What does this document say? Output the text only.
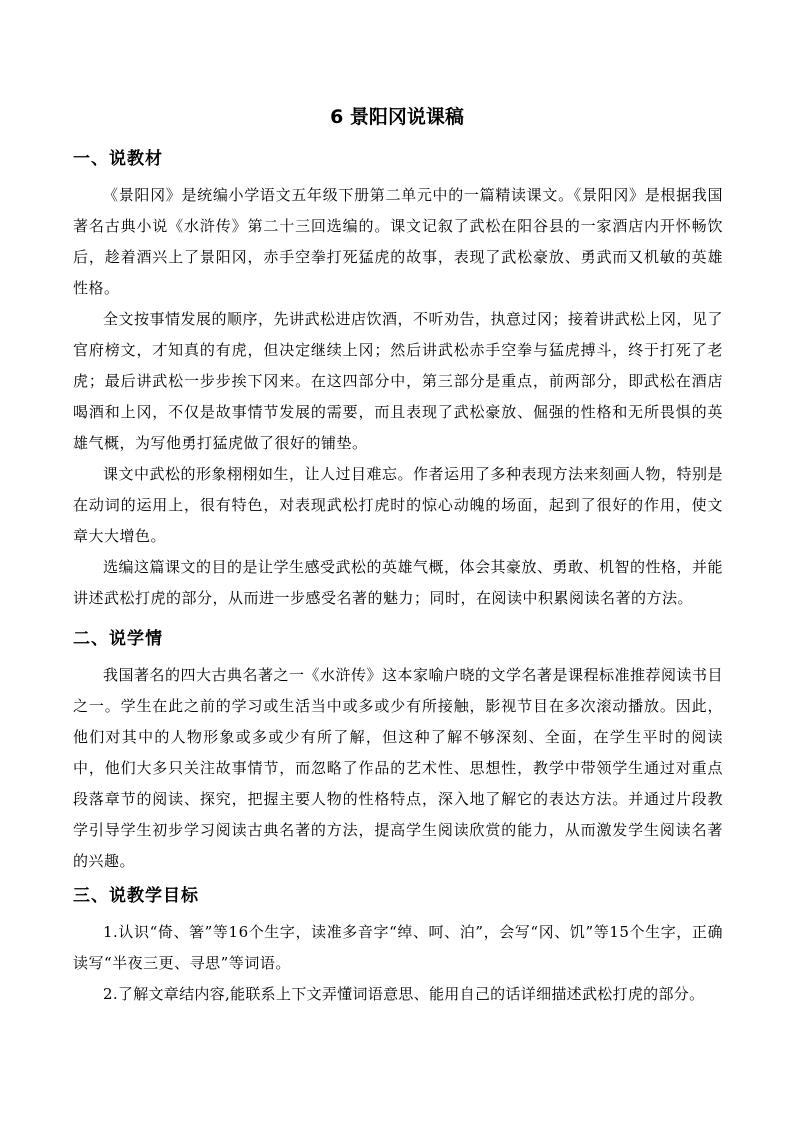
6 景阳冈说课稿
一、说教材

《景阳冈》是统编小学语文五年级下册第二单元中的一篇精读课文。《景阳冈》是根据我国著名古典小说《水浒传》第二十三回选编的。课文记叙了武松在阳谷县的一家酒店内开怀畅饮后，趁着酒兴上了景阳冈，赤手空拳打死猛虎的故事，表现了武松豪放、勇武而又机敏的英雄性格。

全文按事情发展的顺序，先讲武松进店饮酒，不听劝告，执意过冈；接着讲武松上冈，见了官府榜文，才知真的有虎，但决定继续上冈；然后讲武松赤手空拳与猛虎搏斗，终于打死了老虎；最后讲武松一步步挨下冈来。在这四部分中，第三部分是重点，前两部分，即武松在酒店喝酒和上冈，不仅是故事情节发展的需要，而且表现了武松豪放、倔强的性格和无所畏惧的英雄气概，为写他勇打猛虎做了很好的铺垫。

课文中武松的形象栩栩如生，让人过目难忘。作者运用了多种表现方法来刻画人物，特别是在动词的运用上，很有特色，对表现武松打虎时的惊心动魄的场面，起到了很好的作用，使文章大大增色。

选编这篇课文的目的是让学生感受武松的英雄气概，体会其豪放、勇敢、机智的性格，并能讲述武松打虎的部分，从而进一步感受名著的魅力；同时，在阅读中积累阅读名著的方法。

二、说学情

我国著名的四大古典名著之一《水浒传》这本家喻户晓的文学名著是课程标准推荐阅读书目之一。学生在此之前的学习或生活当中或多或少有所接触，影视节目在多次滚动播放。因此，他们对其中的人物形象或多或少有所了解，但这种了解不够深刻、全面，在学生平时的阅读中，他们大多只关注故事情节，而忽略了作品的艺术性、思想性，教学中带领学生通过对重点段落章节的阅读、探究，把握主要人物的性格特点，深入地了解它的表达方法。并通过片段教学引导学生初步学习阅读古典名著的方法，提高学生阅读欣赏的能力，从而激发学生阅读名著的兴趣。

三、说教学目标

1.认识“倚、箸”等16个生字，读准多音字“绰、呵、泊”，会写“冈、饥”等15个生字，正确读写“半夜三更、寻思”等词语。

2.了解文章结内容,能联系上下文弄懂词语意思、能用自己的话详细描述武松打虎的部分。
